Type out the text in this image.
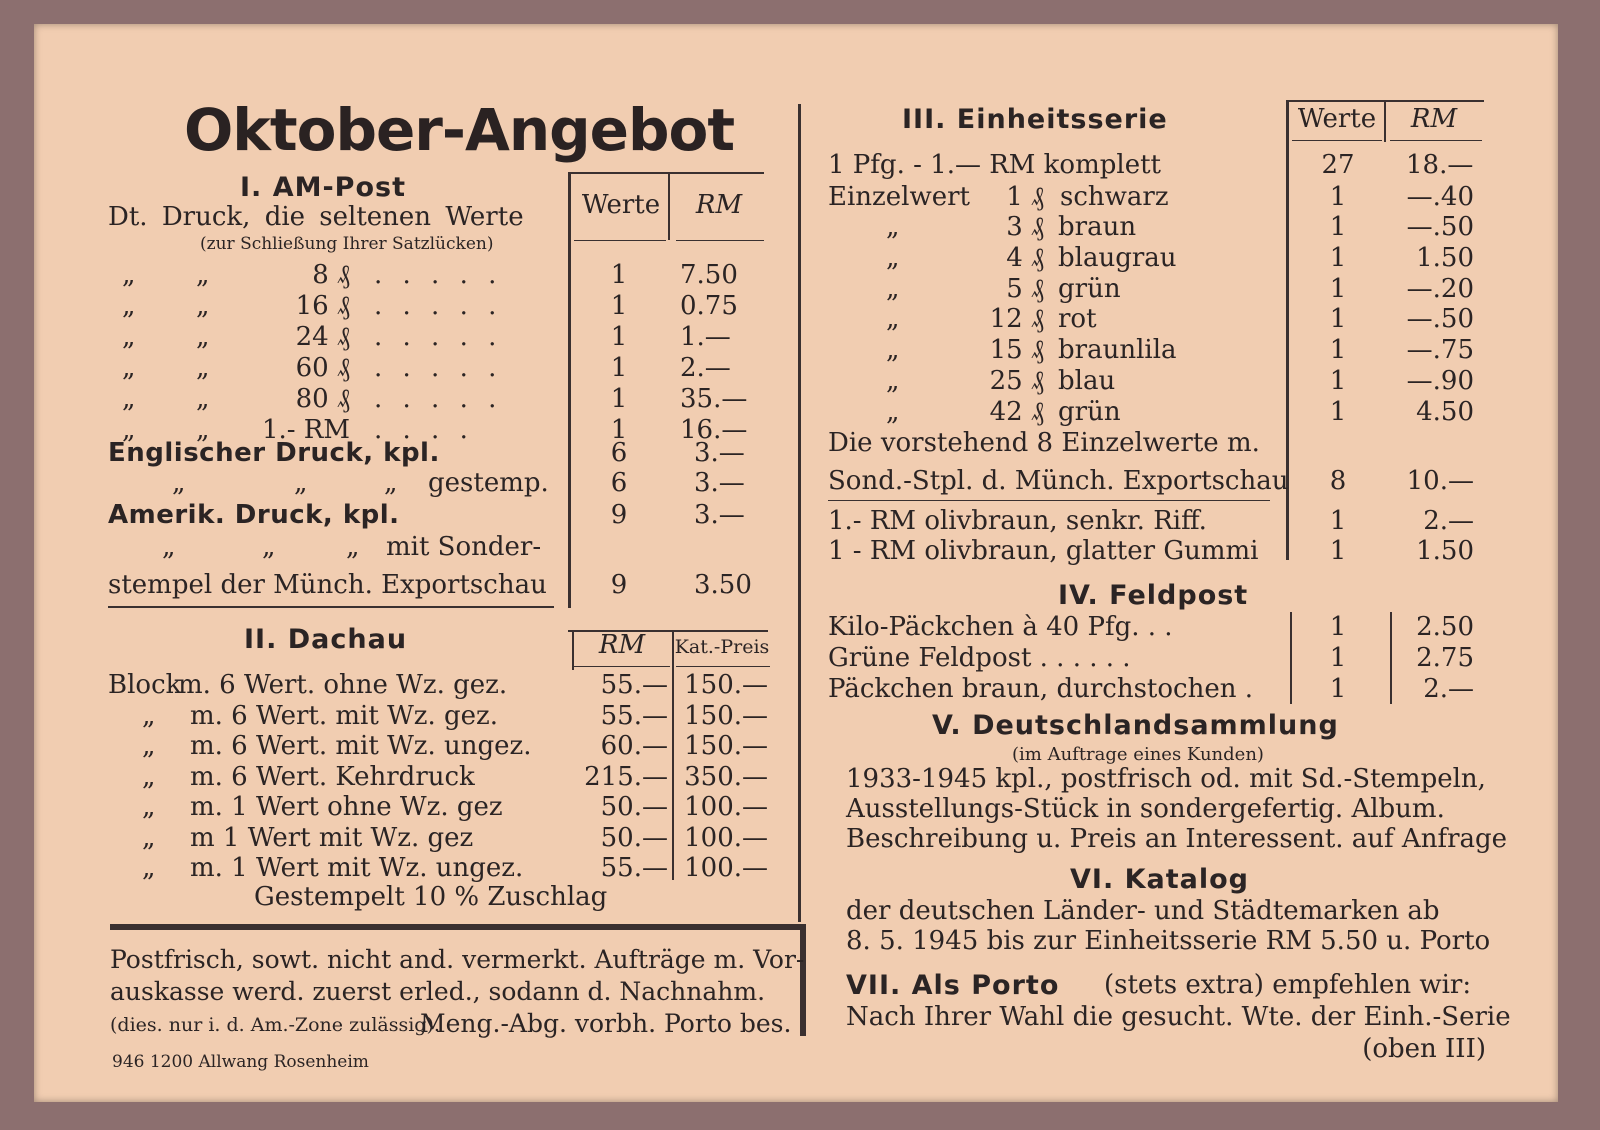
Oktober-Angebot
I. AM-Post
Dt. Druck, die seltenen Werte
(zur Schließung Ihrer Satzlücken)
Werte	RM
„ „	8 ₰ . . . . .	1	7.50
„ „	16 ₰ . . . . .	1	0.75
„ „	24 ₰ . . . . .	1	1.—
„ „	60 ₰ . . . . .	1	2.—
„ „	80 ₰ . . . . .	1	35.—
„ „	1.- RM . . . .	1	16.—
Englischer Druck, kpl.	6	3.—
„	„	„ gestemp.	6	3.—
Amerik. Druck, kpl.	9	3.—
„	„	„ mit Sonder-
stempel der Münch. Exportschau	9	3.50
II. Dachau	RM	Kat.-Preis
Block
m. 6 Wert. ohne Wz. gez.	55.— 150.—
„ m. 6 Wert. mit Wz. gez.	55.— 150.—
„ m. 6 Wert. mit Wz. ungez.	60.— 150.—
„ m. 6 Wert. Kehrdruck	215.— 350.—
„ m. 1 Wert ohne Wz. gez	50.— 100.—
„ m 1 Wert mit Wz. gez	50.— 100.—
„ m. 1 Wert mit Wz. ungez.	55.— 100.—
Gestempelt 10 % Zuschlag
Postfrisch, sowt. nicht and. vermerkt. Aufträge m. Vor-
auskasse werd. zuerst erled., sodann d. Nachnahm.
(dies. nur i. d. Am.-Zone zulässig).
Meng.-Abg. vorbh. Porto bes.
946 1200 Allwang Rosenheim
III. Einheitsserie	Werte	RM
1 Pfg. - 1.— RM komplett	27	18.—
Einzelwert	1 ₰ schwarz	1	—.40
„	3 ₰ braun	1	—.50
„	4 ₰ blaugrau	1	1.50
„	5 ₰ grün	1	—.20
„	12 ₰ rot	1	—.50
„	15 ₰ braunlila	1	—.75
„	25 ₰ blau	1	—.90
„	42 ₰ grün	1	4.50
Die vorstehend 8 Einzelwerte m.
Sond.-Stpl. d. Münch. Exportschau	8	10.—
1.- RM olivbraun, senkr. Riff.	1	2.—
1 - RM olivbraun, glatter Gummi	1	1.50
IV. Feldpost
Kilo-Päckchen à 40 Pfg. . .	1	2.50
Grüne Feldpost . . . . . .	1	2.75
Päckchen braun, durchstochen .	1	2.—
V. Deutschlandsammlung
(im Auftrage eines Kunden)
1933-1945 kpl., postfrisch od. mit Sd.-Stempeln,
Ausstellungs-Stück in sondergefertig. Album.
Beschreibung u. Preis an Interessent. auf Anfrage
VI. Katalog
der deutschen Länder- und Städtemarken ab
8. 5. 1945 bis zur Einheitsserie RM 5.50 u. Porto
VII. Als Porto (stets extra) empfehlen wir:
Nach Ihrer Wahl die gesucht. Wte. der Einh.-Serie
(oben III)
